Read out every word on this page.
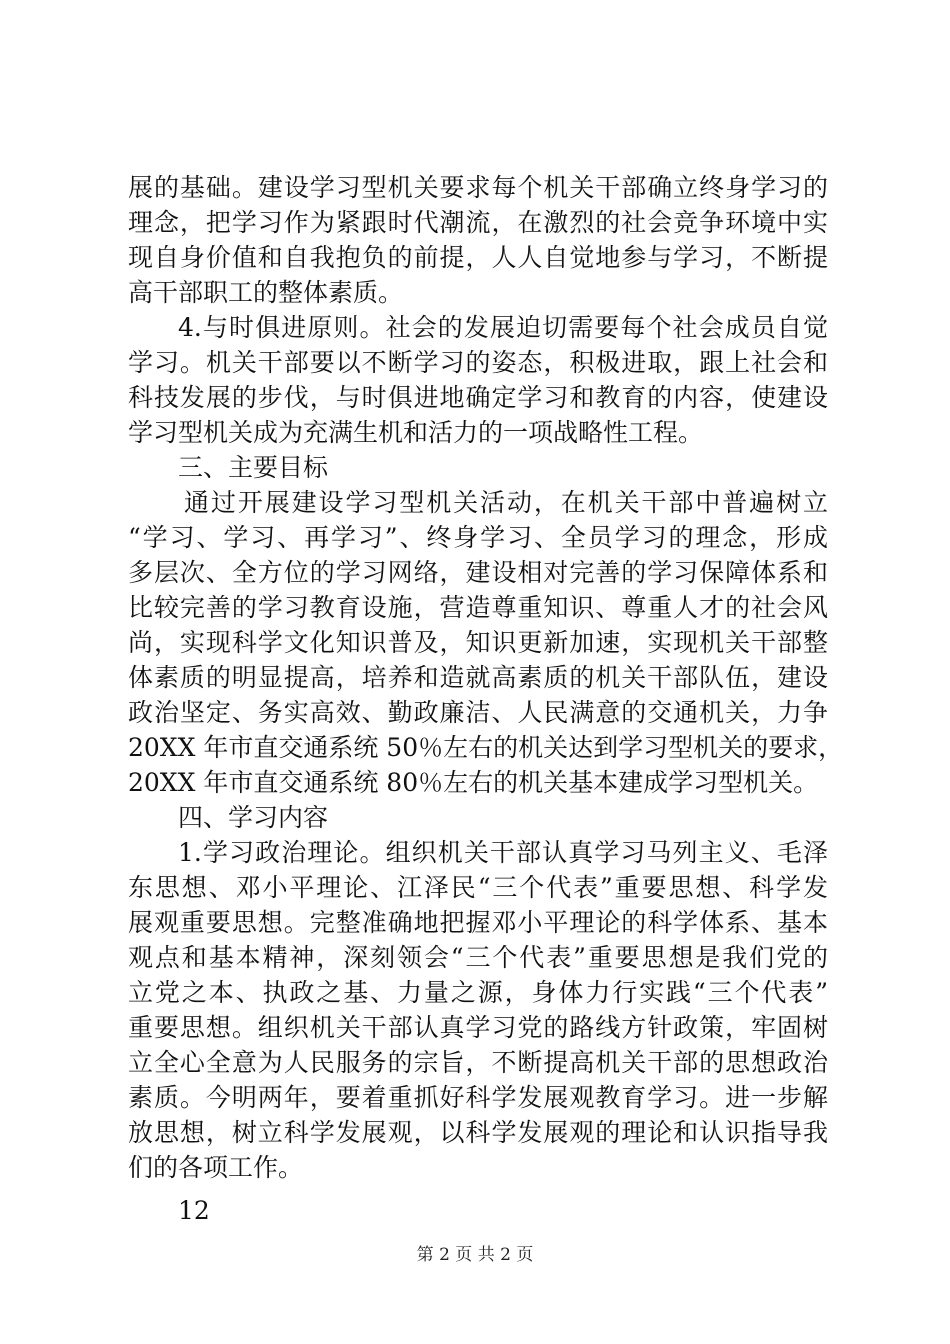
展的基础。建设学习型机关要求每个机关干部确立终身学习的
理念，把学习作为紧跟时代潮流，在激烈的社会竞争环境中实
现自身价值和自我抱负的前提，人人自觉地参与学习，不断提
高干部职工的整体素质。
4.与时俱进原则。社会的发展迫切需要每个社会成员自觉
学习。机关干部要以不断学习的姿态，积极进取，跟上社会和
科技发展的步伐，与时俱进地确定学习和教育的内容，使建设
学习型机关成为充满生机和活力的一项战略性工程。
三、主要目标
通过开展建设学习型机关活动，在机关干部中普遍树立
“学习、学习、再学习”、终身学习、全员学习的理念，形成
多层次、全方位的学习网络，建设相对完善的学习保障体系和
比较完善的学习教育设施，营造尊重知识、尊重人才的社会风
尚，实现科学文化知识普及，知识更新加速，实现机关干部整
体素质的明显提高，培养和造就高素质的机关干部队伍，建设
政治坚定、务实高效、勤政廉洁、人民满意的交通机关，力争
20XX 年市直交通系统 50％左右的机关达到学习型机关的要求，
20XX 年市直交通系统 80％左右的机关基本建成学习型机关。
四、学习内容
1.学习政治理论。组织机关干部认真学习马列主义、毛泽
东思想、邓小平理论、江泽民“三个代表”重要思想、科学发
展观重要思想。完整准确地把握邓小平理论的科学体系、基本
观点和基本精神，深刻领会“三个代表”重要思想是我们党的
立党之本、执政之基、力量之源，身体力行实践“三个代表”
重要思想。组织机关干部认真学习党的路线方针政策，牢固树
立全心全意为人民服务的宗旨，不断提高机关干部的思想政治
素质。今明两年，要着重抓好科学发展观教育学习。进一步解
放思想，树立科学发展观，以科学发展观的理论和认识指导我
们的各项工作。
12
第 2 页 共 2 页
